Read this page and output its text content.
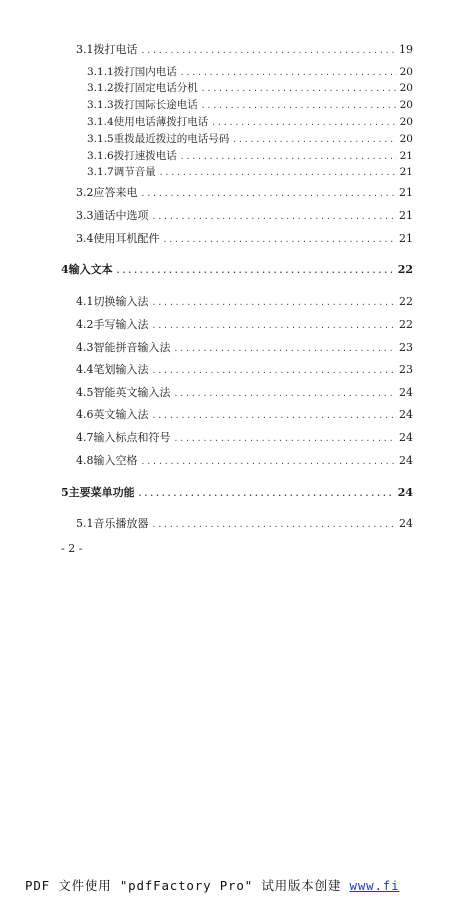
3.1 拨打电话 .....	19
3.1.1 拨打国内电话 .....	20
3.1.2 拨打固定电话分机 .....	20
3.1.3 拨打国际长途电话 .....	20
3.1.4 使用电话薄拨打电话 .....	20
3.1.5 重拨最近拨过的电话号码 .....	20
3.1.6 拨打速拨电话 .....	21
3.1.7 调节音量 .....	21
3.2 应答来电 .....	21
3.3 通话中选项 .....	21
3.4 使用耳机配件 .....	21
4 输入文本 .....	22
4.1 切换输入法 .....	22
4.2 手写输入法 .....	22
4.3 智能拼音输入法 .....	23
4.4 笔划输入法 .....	23
4.5 智能英文输入法 .....	24
4.6 英文输入法 .....	24
4.7 输入标点和符号 .....	24
4.8 输入空格 .....	24
5 主要菜单功能 .....	24
5.1 音乐播放器 .....	24
- 2 -
PDF 文件使用 "pdfFactory Pro" 试用版本创建 www.fi
